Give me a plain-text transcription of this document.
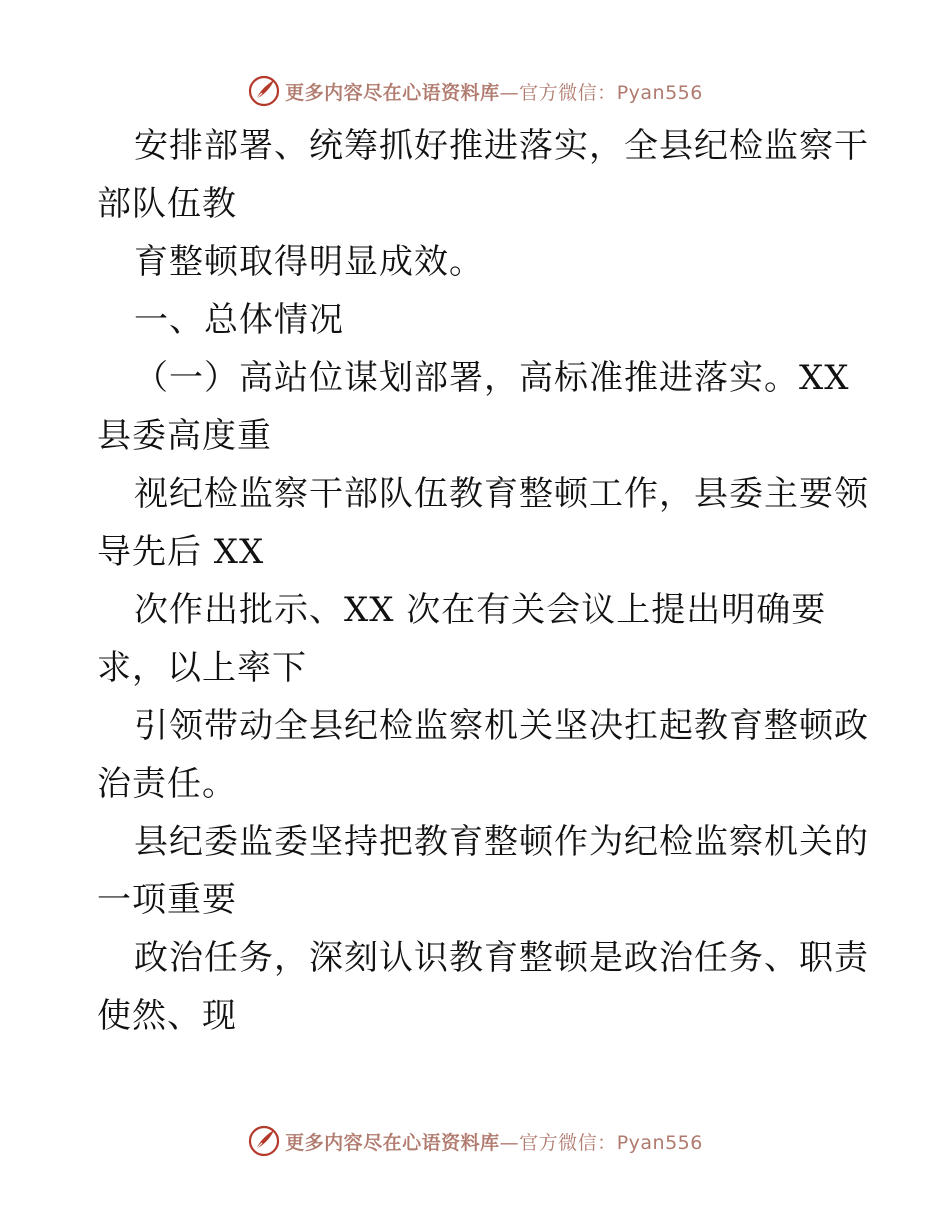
更多内容尽在心语资料库—官方微信：Pyan556
安排部署、统筹抓好推进落实，全县纪检监察干
部队伍教
育整顿取得明显成效。
一、总体情况
（一）高站位谋划部署，高标准推进落实。XX
县委高度重
视纪检监察干部队伍教育整顿工作，县委主要领
导先后 XX
次作出批示、XX 次在有关会议上提出明确要
求，以上率下
引领带动全县纪检监察机关坚决扛起教育整顿政
治责任。
县纪委监委坚持把教育整顿作为纪检监察机关的
一项重要
政治任务，深刻认识教育整顿是政治任务、职责
使然、现
更多内容尽在心语资料库—官方微信：Pyan556
